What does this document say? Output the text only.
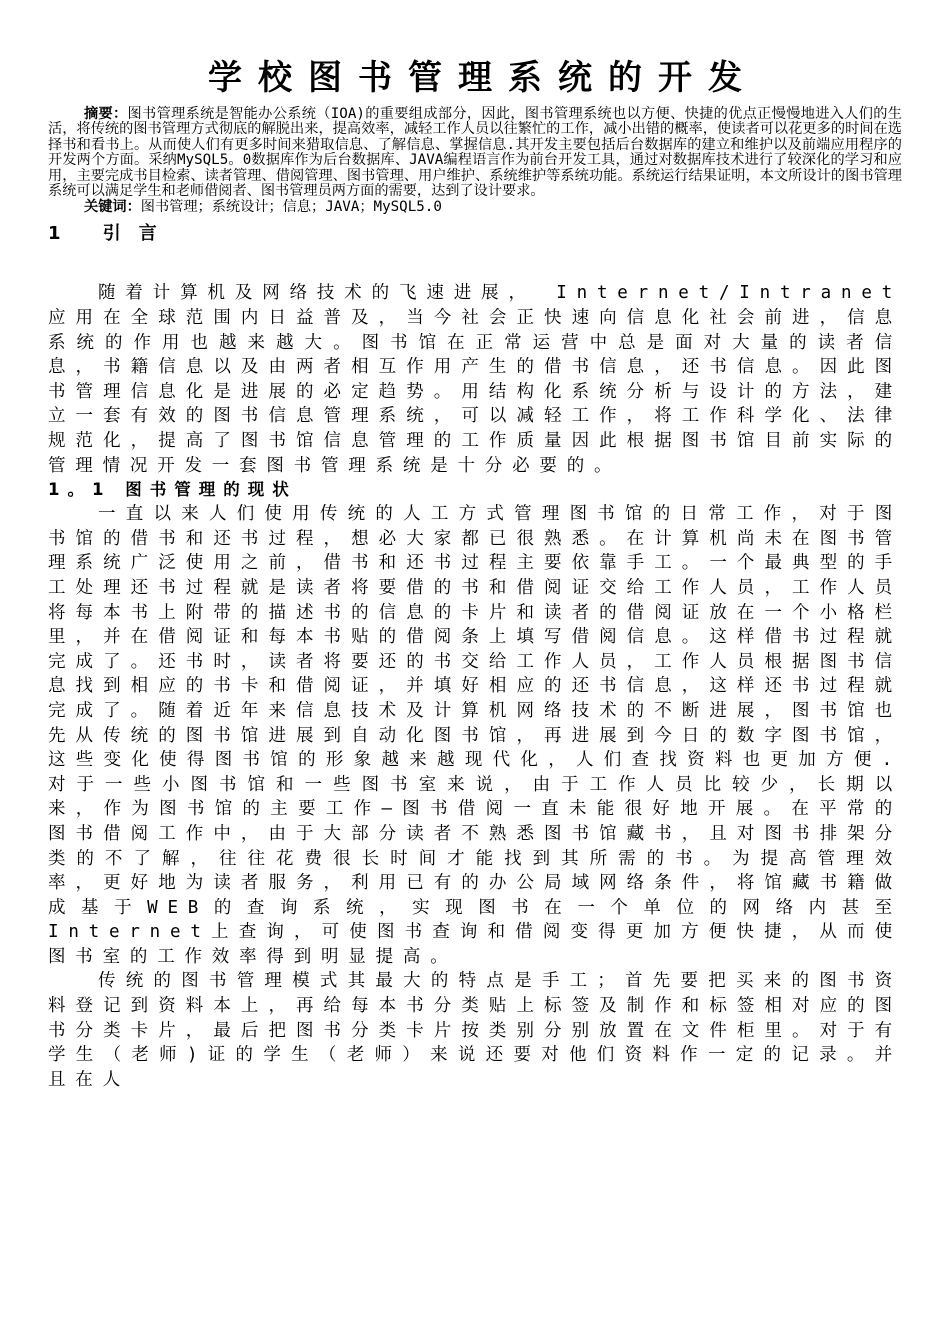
学校图书管理系统的开发

摘要：图书管理系统是智能办公系统（IOA)的重要组成部分，因此，图书管理系统也以方便、快捷的优点正慢慢地进入人们的生活，将传统的图书管理方式彻底的解脱出来，提高效率，减轻工作人员以往繁忙的工作，减小出错的概率，使读者可以花更多的时间在选择书和看书上。从而使人们有更多时间来猎取信息、了解信息、掌握信息.其开发主要包括后台数据库的建立和维护以及前端应用程序的开发两个方面。采纳MySQL5。0数据库作为后台数据库、JAVA编程语言作为前台开发工具，通过对数据库技术进行了较深化的学习和应用，主要完成书目检索、读者管理、借阅管理、图书管理、用户维护、系统维护等系统功能。系统运行结果证明，本文所设计的图书管理系统可以满足学生和老师借阅者、图书管理员两方面的需要，达到了设计要求。

关键词：图书管理；系统设计；信息；JAVA；MySQL5.0

1 引言

随着计算机及网络技术的飞速进展， Internet/Intranet应用在全球范围内日益普及，当今社会正快速向信息化社会前进，信息系统的作用也越来越大。图书馆在正常运营中总是面对大量的读者信息，书籍信息以及由两者相互作用产生的借书信息，还书信息。因此图书管理信息化是进展的必定趋势。用结构化系统分析与设计的方法，建立一套有效的图书信息管理系统，可以减轻工作，将工作科学化、法律规范化，提高了图书馆信息管理的工作质量因此根据图书馆目前实际的管理情况开发一套图书管理系统是十分必要的。

1。1 图书管理的现状

一直以来人们使用传统的人工方式管理图书馆的日常工作，对于图书馆的借书和还书过程，想必大家都已很熟悉。在计算机尚未在图书管理系统广泛使用之前，借书和还书过程主要依靠手工。一个最典型的手工处理还书过程就是读者将要借的书和借阅证交给工作人员，工作人员将每本书上附带的描述书的信息的卡片和读者的借阅证放在一个小格栏里，并在借阅证和每本书贴的借阅条上填写借阅信息。这样借书过程就完成了。还书时，读者将要还的书交给工作人员，工作人员根据图书信息找到相应的书卡和借阅证，并填好相应的还书信息，这样还书过程就完成了。随着近年来信息技术及计算机网络技术的不断进展，图书馆也先从传统的图书馆进展到自动化图书馆，再进展到今日的数字图书馆，这些变化使得图书馆的形象越来越现代化，人们查找资料也更加方便.对于一些小图书馆和一些图书室来说，由于工作人员比较少，长期以来，作为图书馆的主要工作—图书借阅一直未能很好地开展。在平常的图书借阅工作中，由于大部分读者不熟悉图书馆藏书，且对图书排架分类的不了解，往往花费很长时间才能找到其所需的书。为提高管理效率，更好地为读者服务，利用已有的办公局域网络条件，将馆藏书籍做成基于WEB的查询系统，实现图书在一个单位的网络内甚至Internet上查询，可使图书查询和借阅变得更加方便快捷，从而使图书室的工作效率得到明显提高。

传统的图书管理模式其最大的特点是手工；首先要把买来的图书资料登记到资料本上，再给每本书分类贴上标签及制作和标签相对应的图书分类卡片，最后把图书分类卡片按类别分别放置在文件柜里。对于有学生（老师)证的学生（老师）来说还要对他们资料作一定的记录。并且在人
